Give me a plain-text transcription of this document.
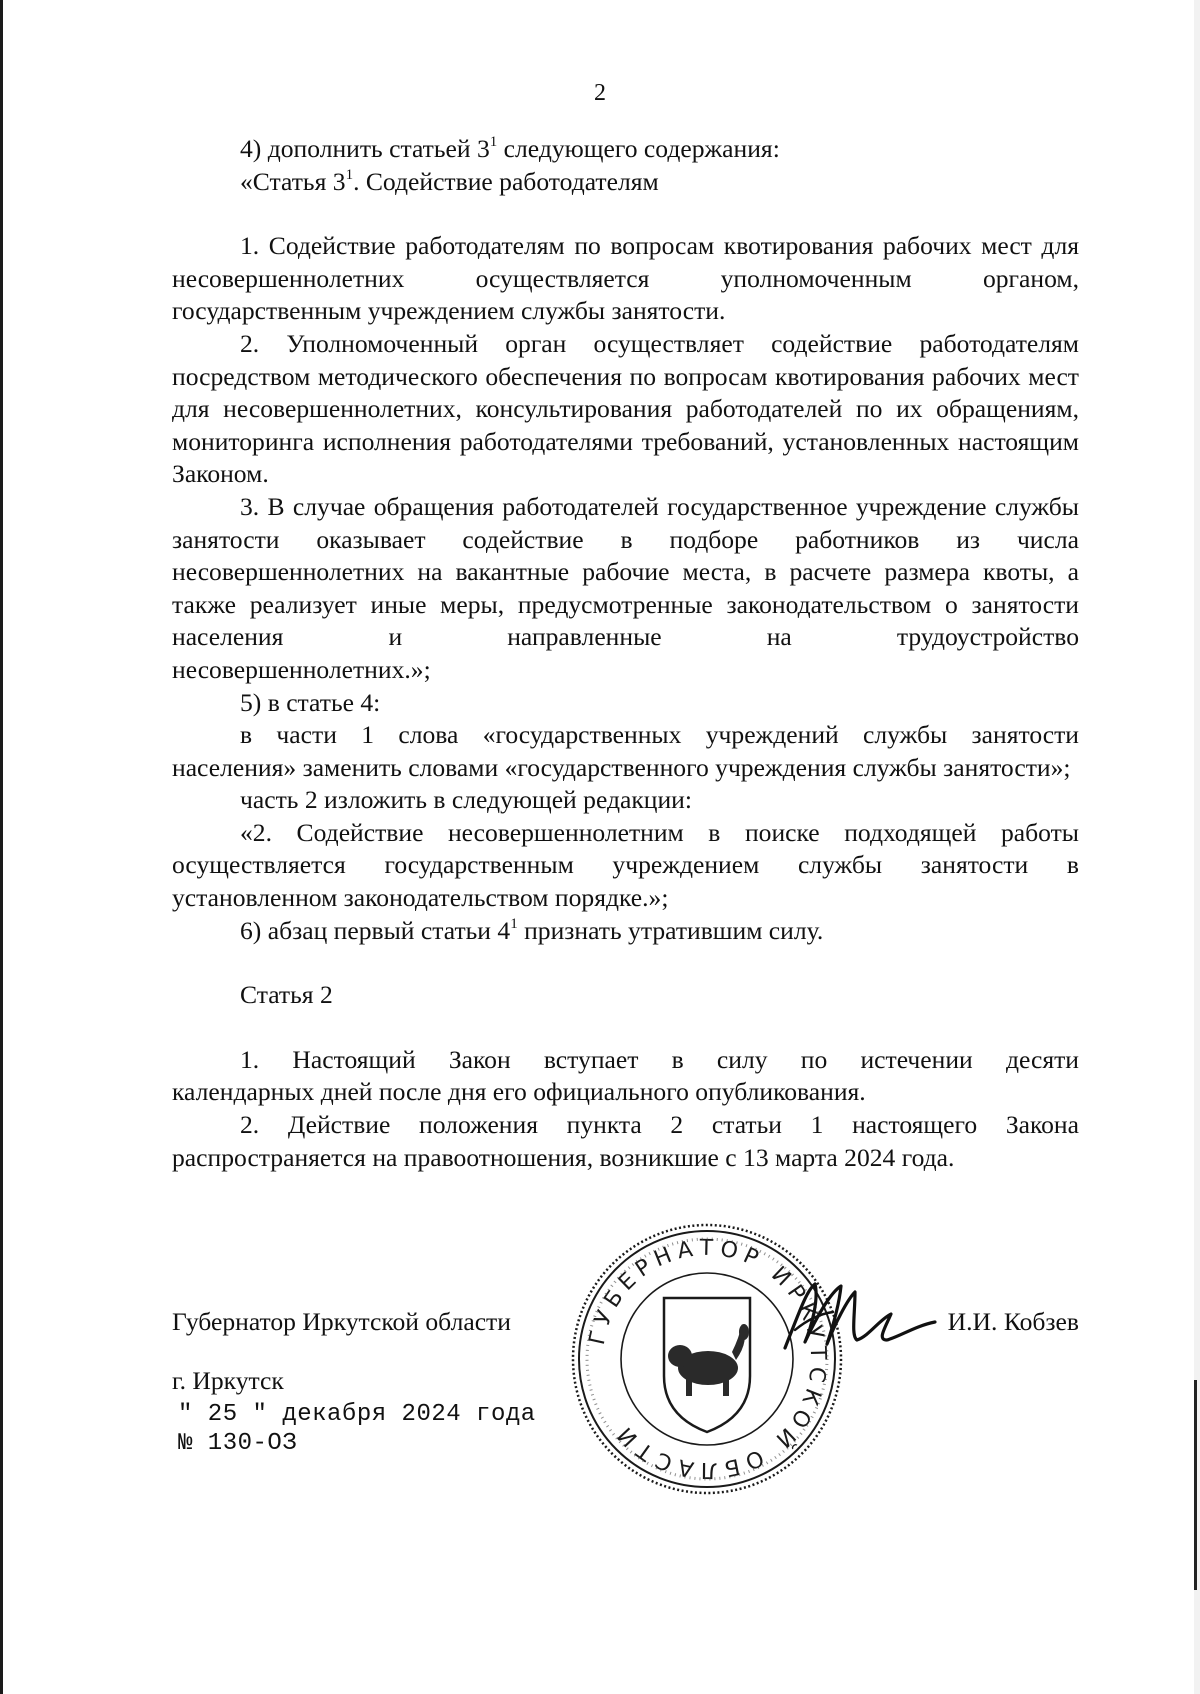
2

4) дополнить статьей $3^1$ следующего содержания:

«Статья $3^1$. Содействие работодателям

1. Содействие работодателям по вопросам квотирования рабочих мест для несовершеннолетних осуществляется уполномоченным органом,

государственным учреждением службы занятости.

2. Уполномоченный орган осуществляет содействие работодателям посредством методического обеспечения по вопросам квотирования рабочих мест для несовершеннолетних, консультирования работодателей по их обращениям, мониторинга исполнения работодателями требований, установленных настоящим Законом.

3. В случае обращения работодателей государственное учреждение службы занятости оказывает содействие в подборе работников из числа несовершеннолетних на вакантные рабочие места, в расчете размера квоты, а также реализует иные меры, предусмотренные законодательством о занятости населения и направленные на трудоустройство

несовершеннолетних.»;

5) в статье 4:

в части 1 слова «государственных учреждений службы занятости населения» заменить словами «государственного учреждения службы занятости»;

часть 2 изложить в следующей редакции:

«2. Содействие несовершеннолетним в поиске подходящей работы осуществляется государственным учреждением службы занятости в

установленном законодательством порядке.»;

6) абзац первый статьи $4^1$ признать утратившим силу.

Статья 2

1. Настоящий Закон вступает в силу по истечении десяти

календарных дней после дня его официального опубликования.

2. Действие положения пункта 2 статьи 1 настоящего Закона

распространяется на правоотношения, возникшие с 13 марта 2024 года.

ГУБЕРНАТОР ИРКУТСКОЙ ОБЛАСТИ
Губернатор Иркутской области	И.И. Кобзев
г. Иркутск
" 25 " декабря 2024 года
№ 130-ОЗ
